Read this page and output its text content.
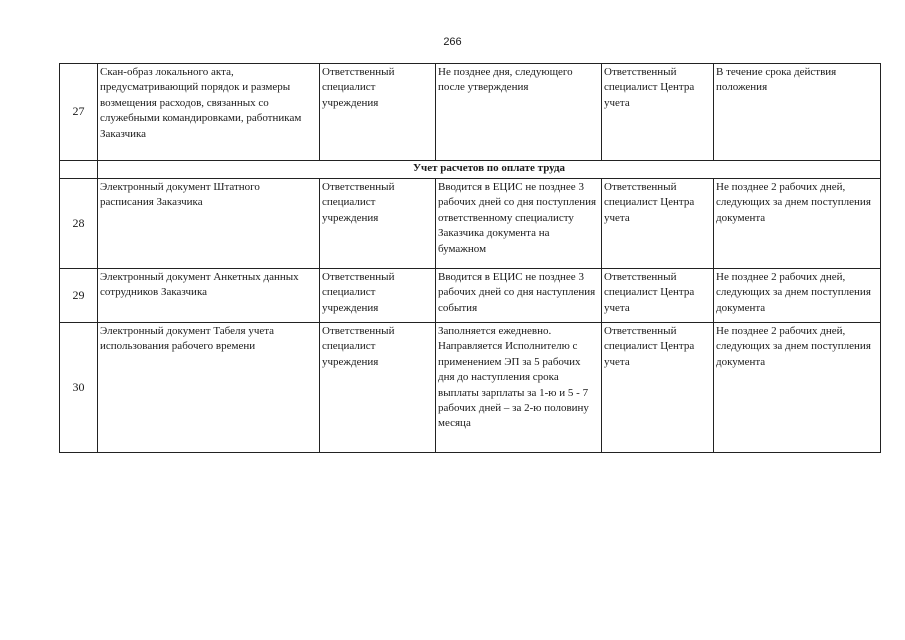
266
27	Скан-образ локального акта, предусматривающий порядок и размеры возмещения расходов, связанных со служебными командировками, работникам Заказчика	Ответственный специалист учреждения	Не позднее дня, следующего после утверждения	Ответственный специалист Центра учета	В течение срока действия положения
	Учет расчетов по оплате труда				
28	Электронный документ Штатного расписания Заказчика	Ответственный специалист учреждения	Вводится в ЕЦИС не позднее 3 рабочих дней со дня поступления ответственному специалисту Заказчика документа на бумажном	Ответственный специалист Центра учета	Не позднее 2 рабочих дней, следующих за днем поступления документа
29	Электронный документ Анкетных данных сотрудников Заказчика	Ответственный специалист учреждения	Вводится в ЕЦИС не позднее 3 рабочих дней со дня наступления события	Ответственный специалист Центра учета	Не позднее 2 рабочих дней, следующих за днем поступления документа
30	Электронный документ Табеля учета использования рабочего времени	Ответственный специалист учреждения	Заполняется ежедневно. Направляется Исполнителю с применением ЭП за 5 рабочих дня до наступления срока выплаты зарплаты за 1-ю и 5 - 7 рабочих дней – за 2-ю половину месяца	Ответственный специалист Центра учета	Не позднее 2 рабочих дней, следующих за днем поступления документа
